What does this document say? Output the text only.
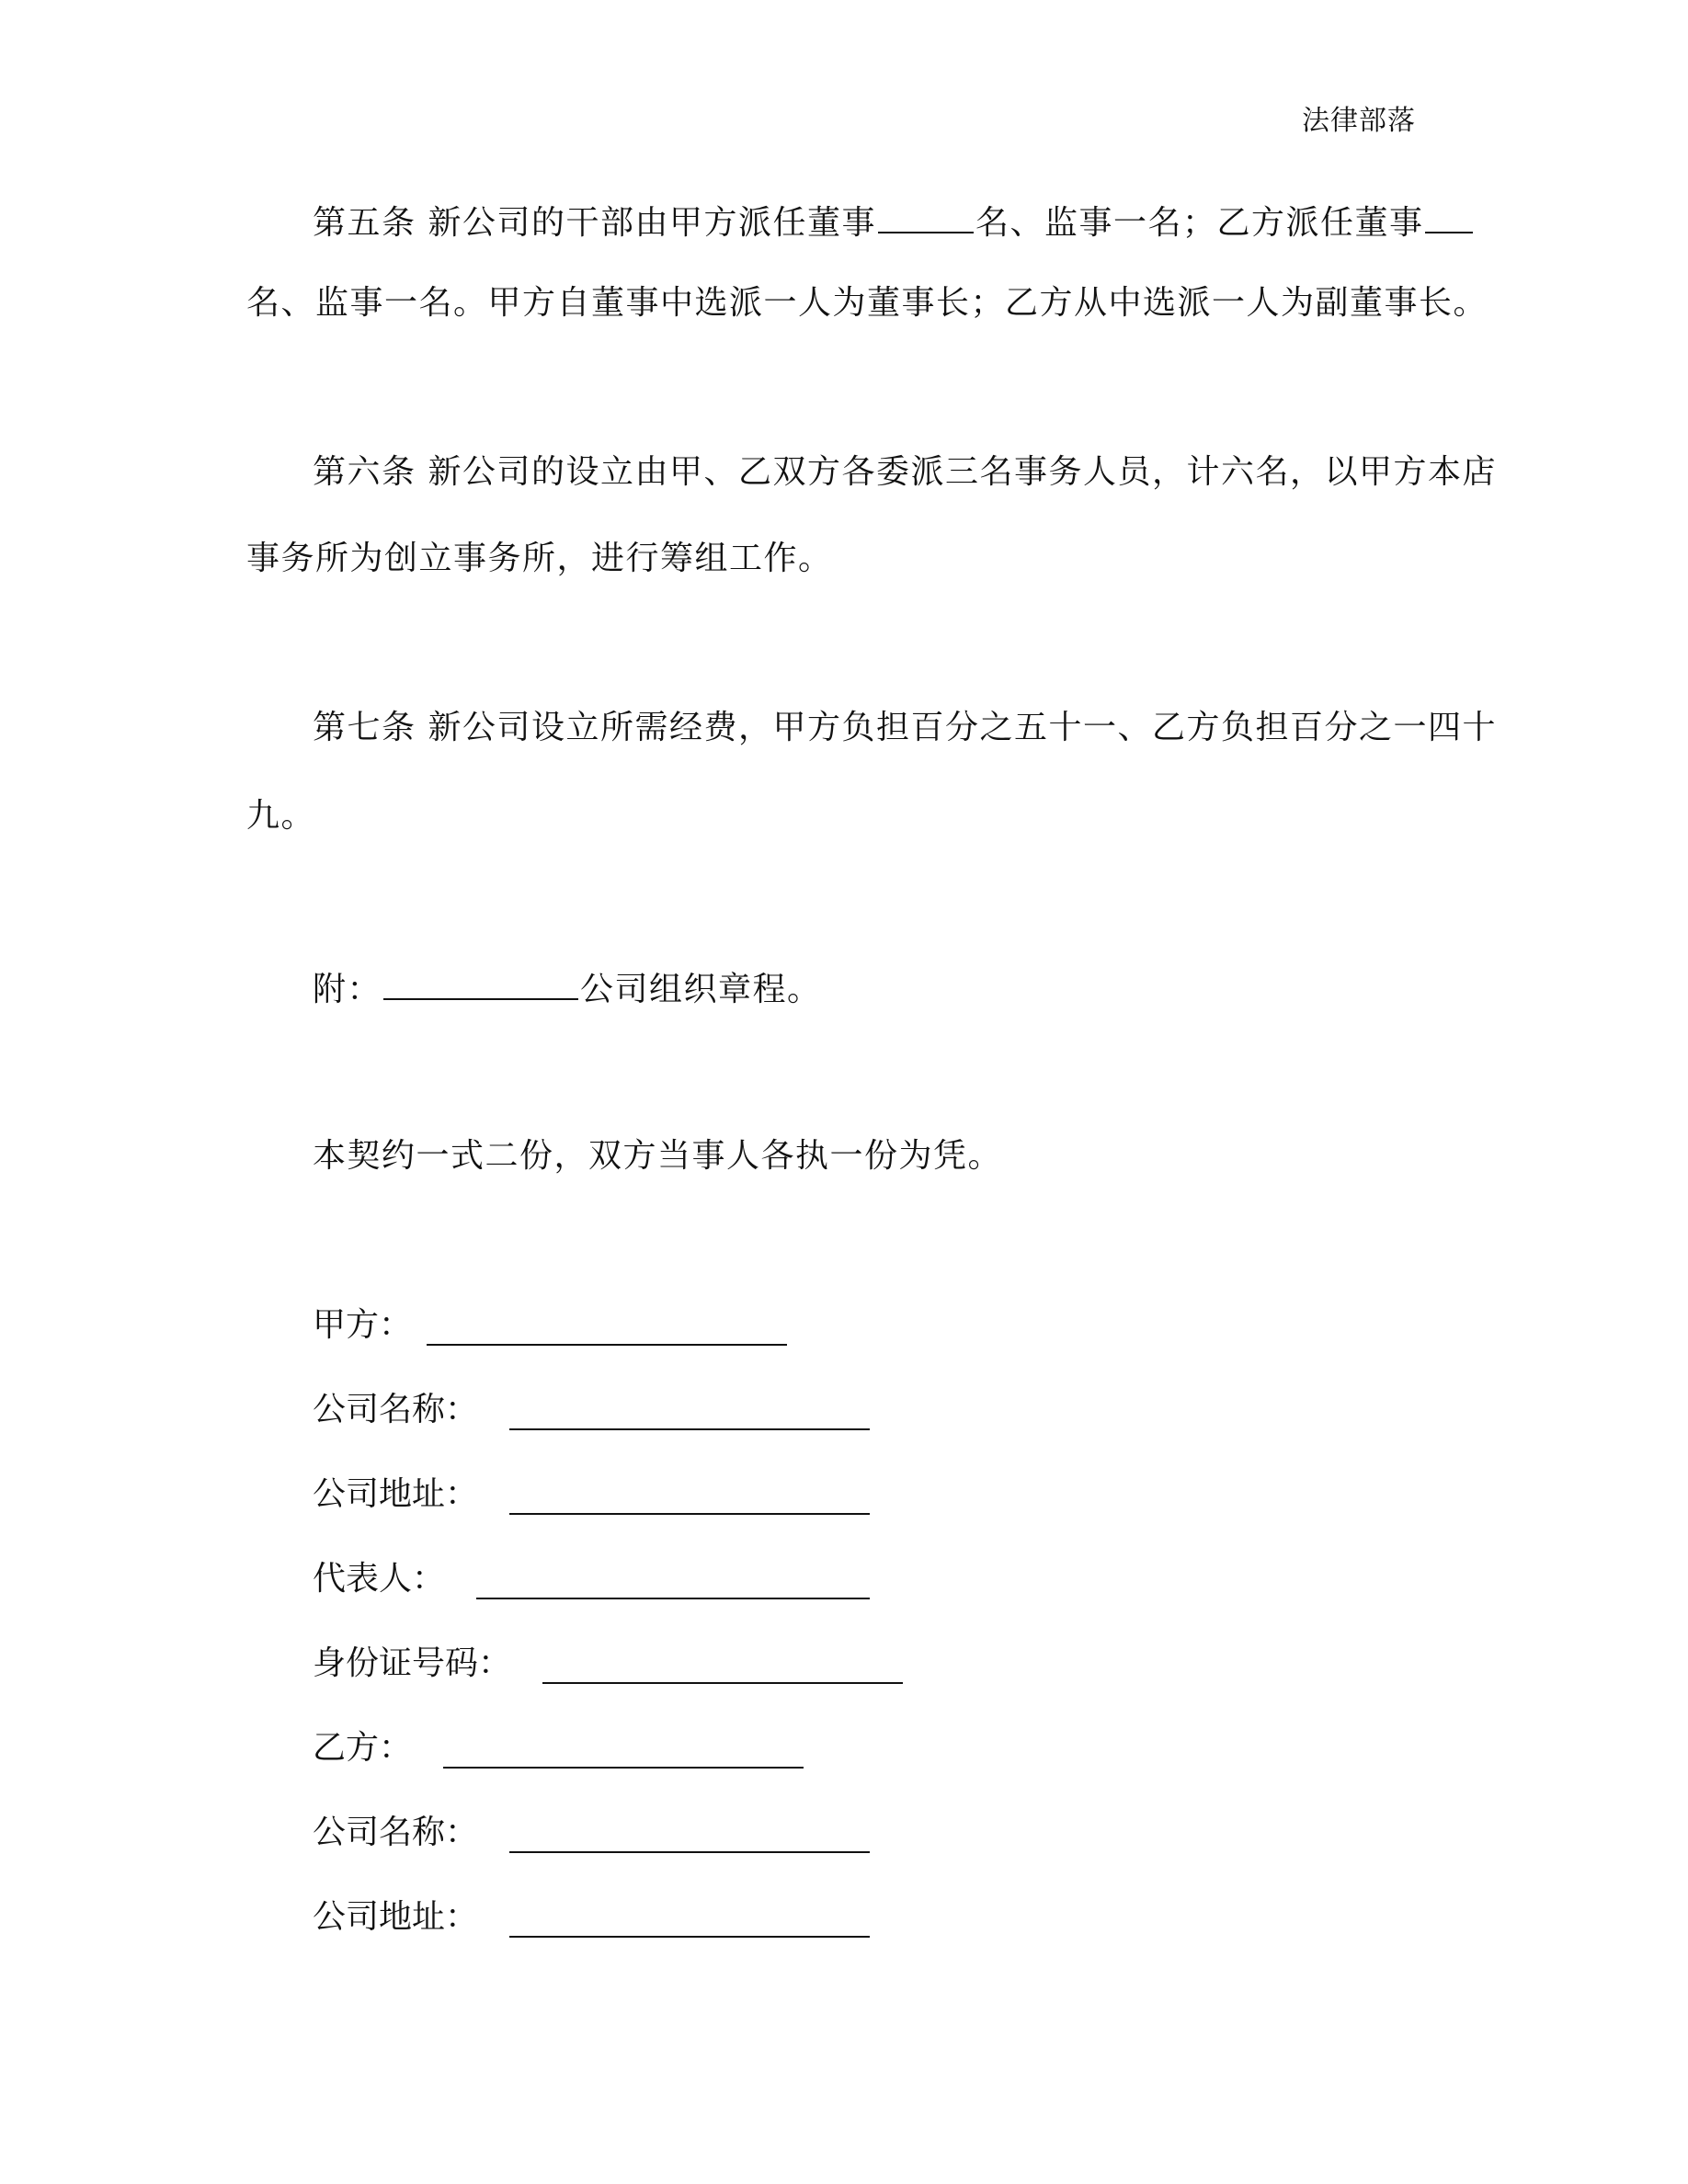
法律部落
第五条 新公司的干部由甲方派任董事	名、监事一名；乙方派任董事
名、监事一名。甲方自董事中选派一人为董事长；乙方从中选派一人为副董事长。
第六条 新公司的设立由甲、乙双方各委派三名事务人员，计六名，以甲方本店
事务所为创立事务所，进行筹组工作。
第七条 新公司设立所需经费，甲方负担百分之五十一、乙方负担百分之一四十
九。
附：	公司组织章程。
本契约一式二份，双方当事人各执一份为凭。
甲方：
公司名称：
公司地址：
代表人：
身份证号码：
乙方：
公司名称：
公司地址：
